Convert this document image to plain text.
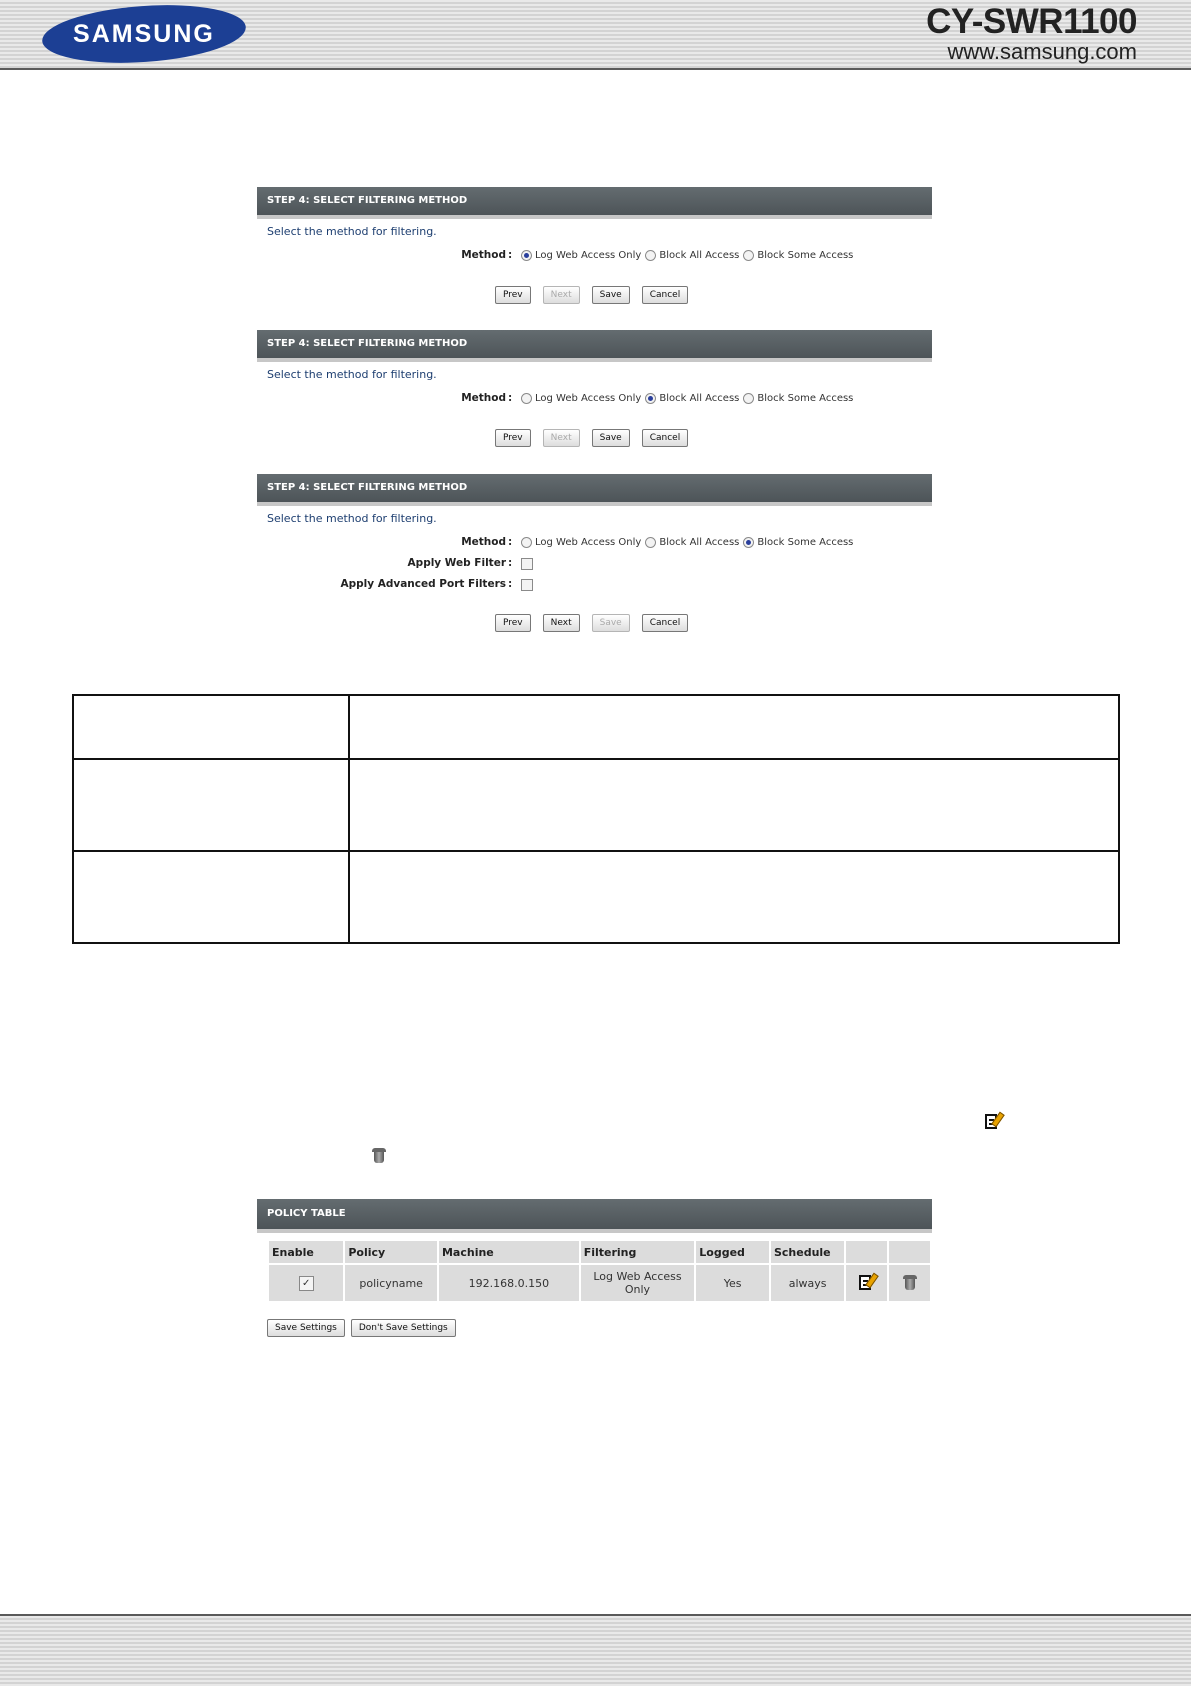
SAMSUNG	CY-SWR1100
www.samsung.com
STEP 4: SELECT FILTERING METHOD
Select the method for filtering.
Method : Log Web Access Only Block All Access Block Some Access
Prev	Next	Save	Cancel
STEP 4: SELECT FILTERING METHOD
Select the method for filtering.
Method : Log Web Access Only Block All Access Block Some Access
Prev	Next	Save	Cancel
STEP 4: SELECT FILTERING METHOD
Select the method for filtering.
Method : Log Web Access Only Block All Access Block Some Access
Apply Web Filter :
Apply Advanced Port Filters :
Prev	Next	Save	Cancel

POLICY TABLE
Enable	Policy	Machine	Filtering	Logged	Schedule		
✓	policyname	192.168.0.150	Log Web Access Only	Yes	always	

Save Settings	Don't Save Settings
